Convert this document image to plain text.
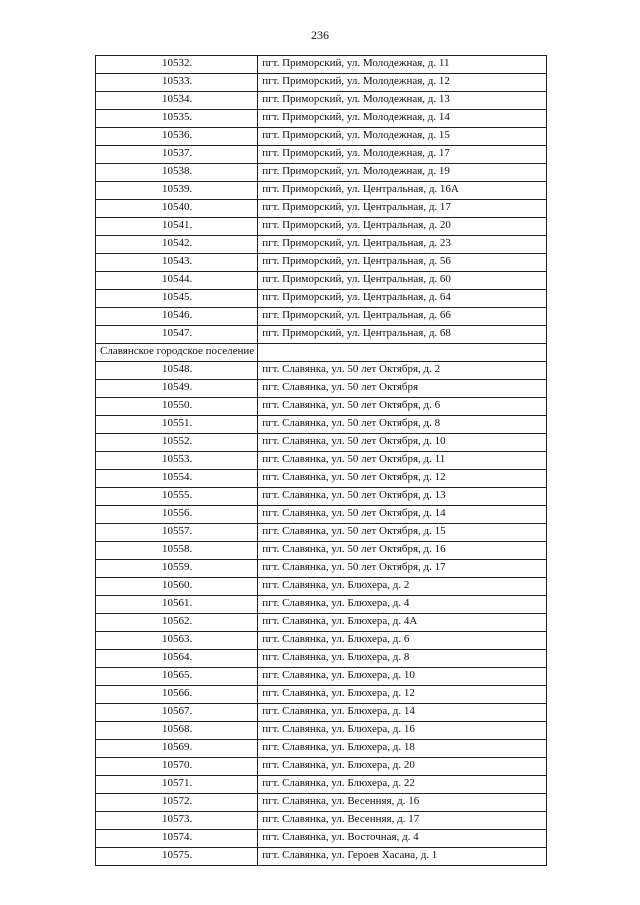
236
10532.	пгт. Приморский, ул. Молодежная, д. 11
10533.	пгт. Приморский, ул. Молодежная, д. 12
10534.	пгт. Приморский, ул. Молодежная, д. 13
10535.	пгт. Приморский, ул. Молодежная, д. 14
10536.	пгт. Приморский, ул. Молодежная, д. 15
10537.	пгт. Приморский, ул. Молодежная, д. 17
10538.	пгт. Приморский, ул. Молодежная, д. 19
10539.	пгт. Приморский, ул. Центральная, д. 16А
10540.	пгт. Приморский, ул. Центральная, д. 17
10541.	пгт. Приморский, ул. Центральная, д. 20
10542.	пгт. Приморский, ул. Центральная, д. 23
10543.	пгт. Приморский, ул. Центральная, д. 56
10544.	пгт. Приморский, ул. Центральная, д. 60
10545.	пгт. Приморский, ул. Центральная, д. 64
10546.	пгт. Приморский, ул. Центральная, д. 66
10547.	пгт. Приморский, ул. Центральная, д. 68
Славянское городское поселение	
10548.	пгт. Славянка, ул. 50 лет Октября, д. 2
10549.	пгт. Славянка, ул. 50 лет Октября
10550.	пгт. Славянка, ул. 50 лет Октября, д. 6
10551.	пгт. Славянка, ул. 50 лет Октября, д. 8
10552.	пгт. Славянка, ул. 50 лет Октября, д. 10
10553.	пгт. Славянка, ул. 50 лет Октября, д. 11
10554.	пгт. Славянка, ул. 50 лет Октября, д. 12
10555.	пгт. Славянка, ул. 50 лет Октября, д. 13
10556.	пгт. Славянка, ул. 50 лет Октября, д. 14
10557.	пгт. Славянка, ул. 50 лет Октября, д. 15
10558.	пгт. Славянка, ул. 50 лет Октября, д. 16
10559.	пгт. Славянка, ул. 50 лет Октября, д. 17
10560.	пгт. Славянка, ул. Блюхера, д. 2
10561.	пгт. Славянка, ул. Блюхера, д. 4
10562.	пгт. Славянка, ул. Блюхера, д. 4А
10563.	пгт. Славянка, ул. Блюхера, д. 6
10564.	пгт. Славянка, ул. Блюхера, д. 8
10565.	пгт. Славянка, ул. Блюхера, д. 10
10566.	пгт. Славянка, ул. Блюхера, д. 12
10567.	пгт. Славянка, ул. Блюхера, д. 14
10568.	пгт. Славянка, ул. Блюхера, д. 16
10569.	пгт. Славянка, ул. Блюхера, д. 18
10570.	пгт. Славянка, ул. Блюхера, д. 20
10571.	пгт. Славянка, ул. Блюхера, д. 22
10572.	пгт. Славянка, ул. Весенняя, д. 16
10573.	пгт. Славянка, ул. Весенняя, д. 17
10574.	пгт. Славянка, ул. Восточная, д. 4
10575.	пгт. Славянка, ул. Героев Хасана, д. 1
